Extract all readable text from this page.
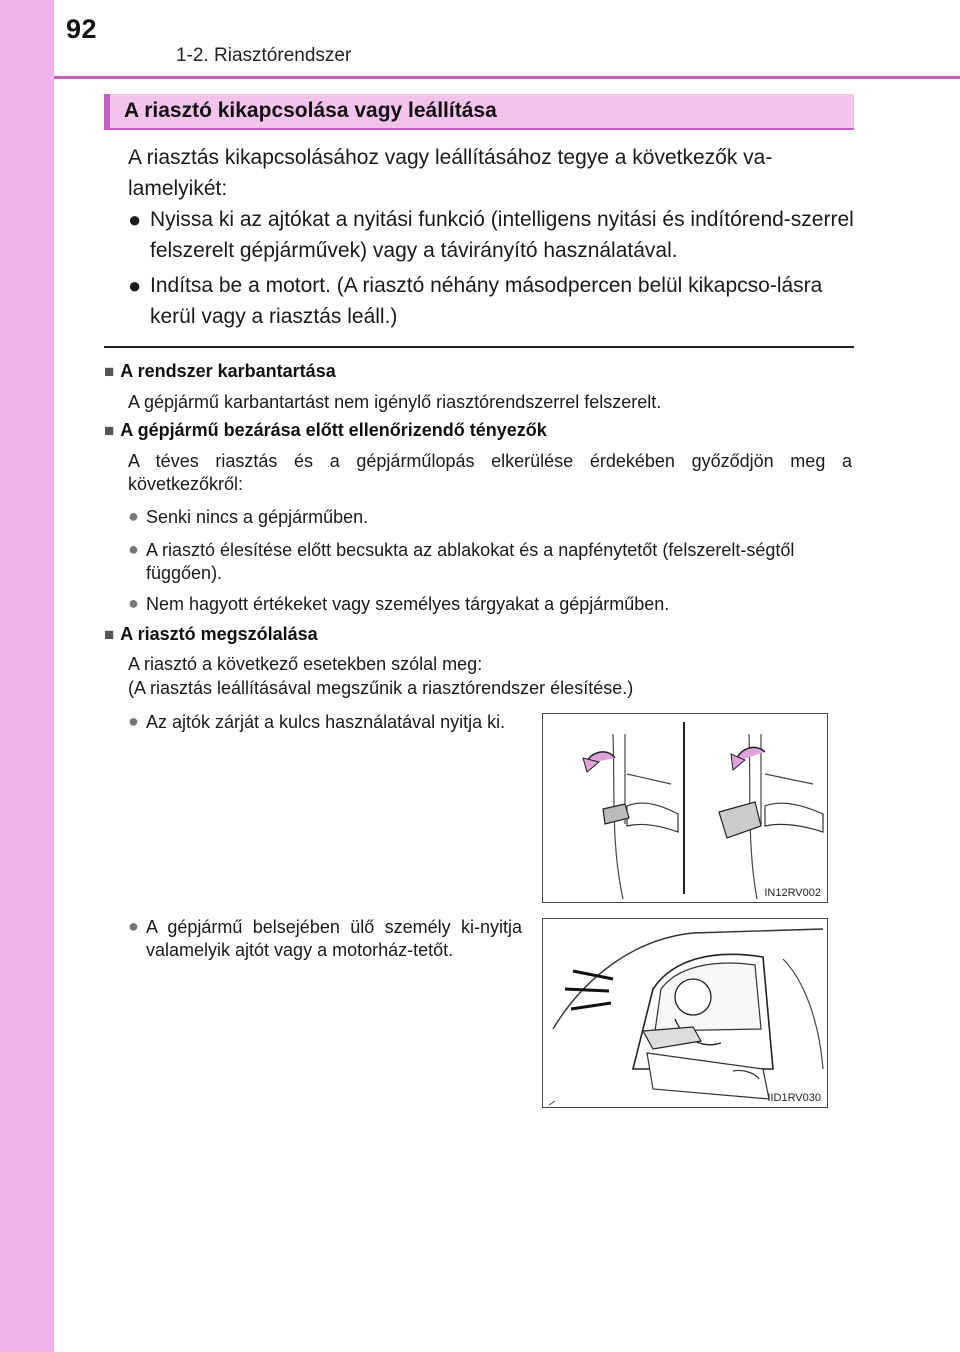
92
1-2. Riasztórendszer
A riasztó kikapcsolása vagy leállítása
A riasztás kikapcsolásához vagy leállításához tegye a következők va-lamelyikét:
● Nyissa ki az ajtókat a nyitási funkció (intelligens nyitási és indítórend-szerrel felszerelt gépjárművek) vagy a távirányító használatával.
● Indítsa be a motort. (A riasztó néhány másodpercen belül kikapcso-lásra kerül vagy a riasztás leáll.)
■ A rendszer karbantartása
A gépjármű karbantartást nem igénylő riasztórendszerrel felszerelt.
■ A gépjármű bezárása előtt ellenőrizendő tényezők
A téves riasztás és a gépjárműlopás elkerülése érdekében győződjön meg a következőkről:
● Senki nincs a gépjárműben.
● A riasztó élesítése előtt becsukta az ablakokat és a napfénytetőt (felszerelt-ségtől függően).
● Nem hagyott értékeket vagy személyes tárgyakat a gépjárműben.
■ A riasztó megszólalása
A riasztó a következő esetekben szólal meg:
(A riasztás leállításával megszűnik a riasztórendszer élesítése.)
● Az ajtók zárját a kulcs használatával nyitja ki.
● A gépjármű belsejében ülő személy ki-nyitja valamelyik ajtót vagy a motorház-tetőt.
IN12RV002
IID1RV030
